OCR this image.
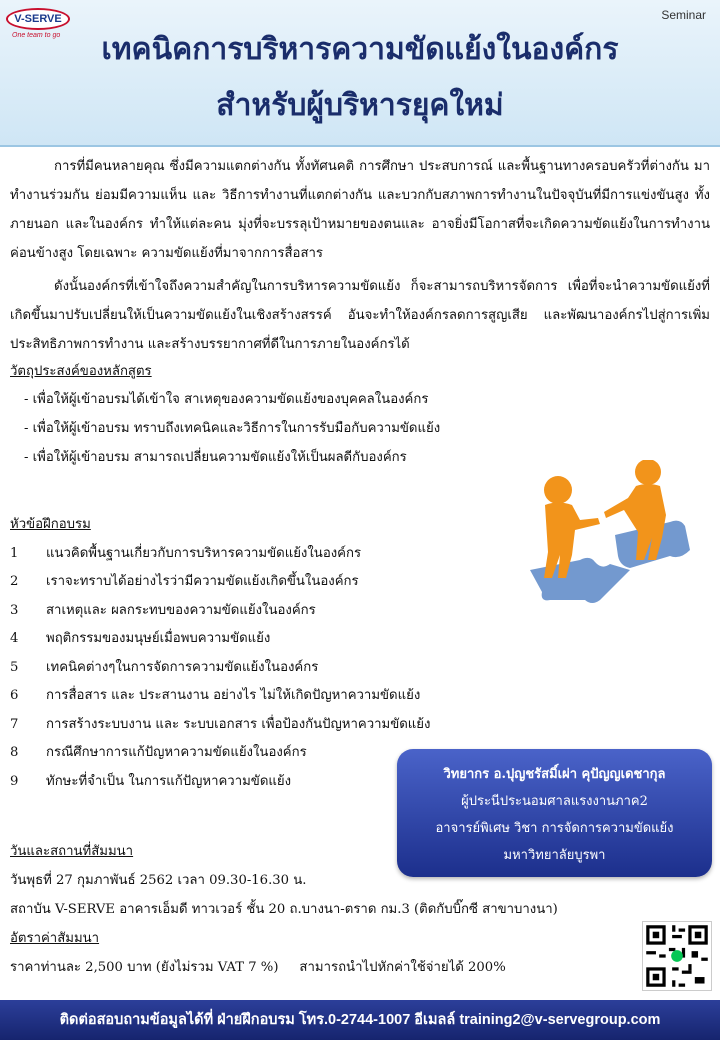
V-SERVE
One team to go
Seminar
เทคนิคการบริหารความขัดแย้งในองค์กร
สำหรับผู้บริหารยุคใหม่

การที่มีคนหลายคุณ ซึ่งมีความแตกต่างกัน ทั้งทัศนคติ การศึกษา ประสบการณ์ และพื้นฐานทางครอบครัวที่ต่างกัน มาทำงานร่วมกัน ย่อมมีความแห็น และ วิธีการทำงานที่แตกต่างกัน และบวกกับสภาพการทำงานในปัจจุบันที่มีการแข่งขันสูง ทั้งภายนอก และในองค์กร ทำให้แต่ละคน มุ่งที่จะบรรลุเป้าหมายของตนและ อาจยิ่งมีโอกาสที่จะเกิดความขัดแย้งในการทำงานค่อนข้างสูง โดยเฉพาะ ความขัดแย้งที่มาจากการสื่อสาร

ดังนั้นองค์กรที่เข้าใจถึงความสำคัญในการบริหารความขัดแย้ง ก็จะสามารถบริหารจัดการ เพื่อที่จะนำความขัดแย้งที่เกิดขึ้นมาปรับเปลี่ยนให้เป็นความขัดแย้งในเชิงสร้างสรรค์ อันจะทำให้องค์กรลดการสูญเสีย และพัฒนาองค์กรไปสู่การเพิ่มประสิทธิภาพการทำงาน และสร้างบรรยากาศที่ดีในการภายในองค์กรได้

วัตถุประสงค์ของหลักสูตร

- เพื่อให้ผู้เข้าอบรมได้เข้าใจ สาเหตุของความขัดแย้งของบุคคลในองค์กร

- เพื่อให้ผู้เข้าอบรม ทราบถึงเทคนิคและวิธีการในการรับมือกับความขัดแย้ง

- เพื่อให้ผู้เข้าอบรม สามารถเปลี่ยนความขัดแย้งให้เป็นผลดีกับองค์กร

หัวข้อฝึกอบรม
1 แนวคิดพื้นฐานเกี่ยวกับการบริหารความขัดแย้งในองค์กร
2 เราจะทราบได้อย่างไรว่ามีความขัดแย้งเกิดขึ้นในองค์กร
3 สาเหตุและ ผลกระทบของความขัดแย้งในองค์กร
4 พฤติกรรมของมนุษย์เมื่อพบความขัดแย้ง
5 เทคนิคต่างๆในการจัดการความขัดแย้งในองค์กร
6 การสื่อสาร และ ประสานงาน อย่างไร ไม่ให้เกิดปัญหาความขัดแย้ง
7 การสร้างระบบงาน และ ระบบเอกสาร เพื่อป้องกันปัญหาความขัดแย้ง
8 กรณีศึกษาการแก้ปัญหาความขัดแย้งในองค์กร
9 ทักษะที่จำเป็น ในการแก้ปัญหาความขัดแย้ง	วิทยากร อ.ปุญชรัสมิ์เผ่า คุปัญญเดชากุล
ผู้ประนีประนอมศาลแรงงานภาค2
อาจารย์พิเศษ วิชา การจัดการความขัดแย้ง
มหาวิทยาลัยบูรพา
วันและสถานที่สัมมนา
วันพุธที่ 27 กุมภาพันธ์ 2562 เวลา 09.30-16.30 น.
สถาบัน V-SERVE อาคารเอ็มดี ทาวเวอร์ ชั้น 20 ถ.บางนา-ตราด กม.3 (ติดกับบิ๊กซี สาขาบางนา)
อัตราค่าสัมมนา
ราคาท่านละ 2,500 บาท (ยังไม่รวม VAT 7 %)     สามารถนำไปหักค่าใช้จ่ายได้ 200%
ติดต่อสอบถามข้อมูลได้ที่ ฝ่ายฝึกอบรม โทร.0-2744-1007 อีเมลล์ training2@v-servegroup.com
